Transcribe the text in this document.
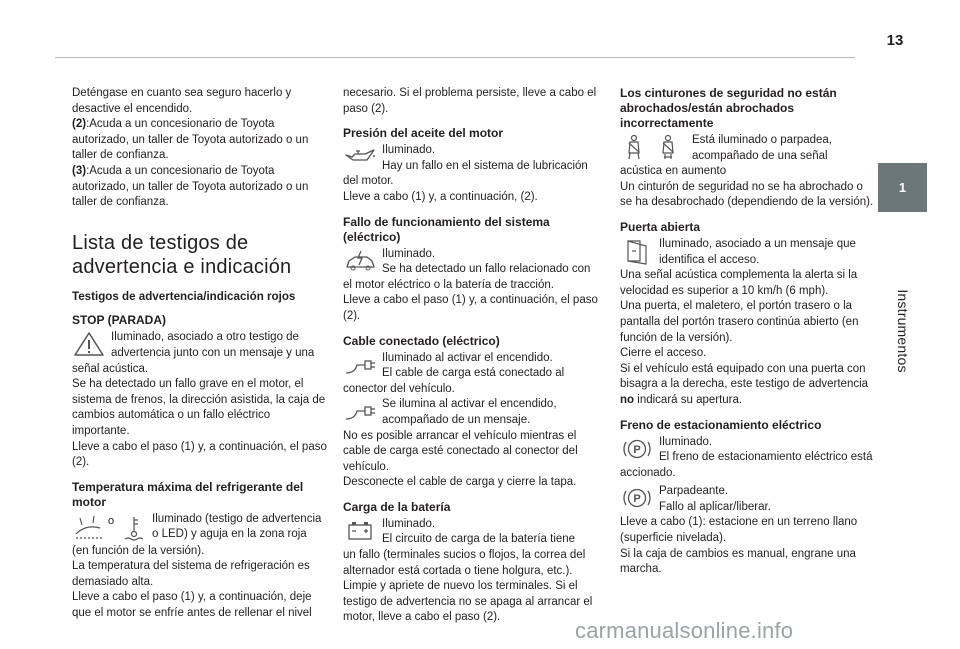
13
1
Instrumentos

Deténgase en cuanto sea seguro hacerlo y desactive el encendido.

(2):Acuda a un concesionario de Toyota autorizado, un taller de Toyota autorizado o un taller de confianza.

(3):Acuda a un concesionario de Toyota autorizado, un taller de Toyota autorizado o un taller de confianza.

Lista de testigos de advertencia e indicación
Testigos de advertencia/indicación rojos
STOP (PARADA)
Iluminado, asociado a otro testigo de advertencia junto con un mensaje y una

señal acústica.

Se ha detectado un fallo grave en el motor, el sistema de frenos, la dirección asistida, la caja de cambios automática o un fallo eléctrico importante.

Lleve a cabo el paso (1) y, a continuación, el paso (2).

Temperatura máxima del refrigerante del motor
o	Iluminado (testigo de advertencia o LED) y aguja en la zona roja

(en función de la versión).

La temperatura del sistema de refrigeración es demasiado alta.

Lleve a cabo el paso (1) y, a continuación, deje que el motor se enfríe antes de rellenar el nivel

necesario. Si el problema persiste, lleve a cabo el paso (2).

Presión del aceite del motor
Iluminado.
Hay un fallo en el sistema de lubricación

del motor.

Lleve a cabo (1) y, a continuación, (2).

Fallo de funcionamiento del sistema (eléctrico)
Iluminado.
Se ha detectado un fallo relacionado con

el motor eléctrico o la batería de tracción.

Lleve a cabo el paso (1) y, a continuación, el paso (2).

Cable conectado (eléctrico)
Iluminado al activar el encendido.
El cable de carga está conectado al

conector del vehículo.

Se ilumina al activar el encendido, acompañado de un mensaje.

No es posible arrancar el vehículo mientras el cable de carga esté conectado al conector del vehículo.

Desconecte el cable de carga y cierre la tapa.

Carga de la batería
Iluminado.
El circuito de carga de la batería tiene

un fallo (terminales sucios o flojos, la correa del alternador está cortada o tiene holgura, etc.).

Limpie y apriete de nuevo los terminales. Si el testigo de advertencia no se apaga al arrancar el motor, lleve a cabo el paso (2).

Los cinturones de seguridad no están abrochados/están abrochados incorrectamente
Está iluminado o parpadea, acompañado de una señal

acústica en aumento

Un cinturón de seguridad no se ha abrochado o se ha desabrochado (dependiendo de la versión).

Puerta abierta
Iluminado, asociado a un mensaje que identifica el acceso.

Una señal acústica complementa la alerta si la velocidad es superior a 10 km/h (6 mph).

Una puerta, el maletero, el portón trasero o la pantalla del portón trasero continúa abierto (en función de la versión).

Cierre el acceso.

Si el vehículo está equipado con una puerta con bisagra a la derecha, este testigo de advertencia no indicará su apertura.

Freno de estacionamiento eléctrico
P
Iluminado.
El freno de estacionamiento eléctrico está

accionado.

P
Parpadeante.
Fallo al aplicar/liberar.

Lleve a cabo (1): estacione en un terreno llano (superficie nivelada).

Si la caja de cambios es manual, engrane una marcha.

carmanualsonline.info
